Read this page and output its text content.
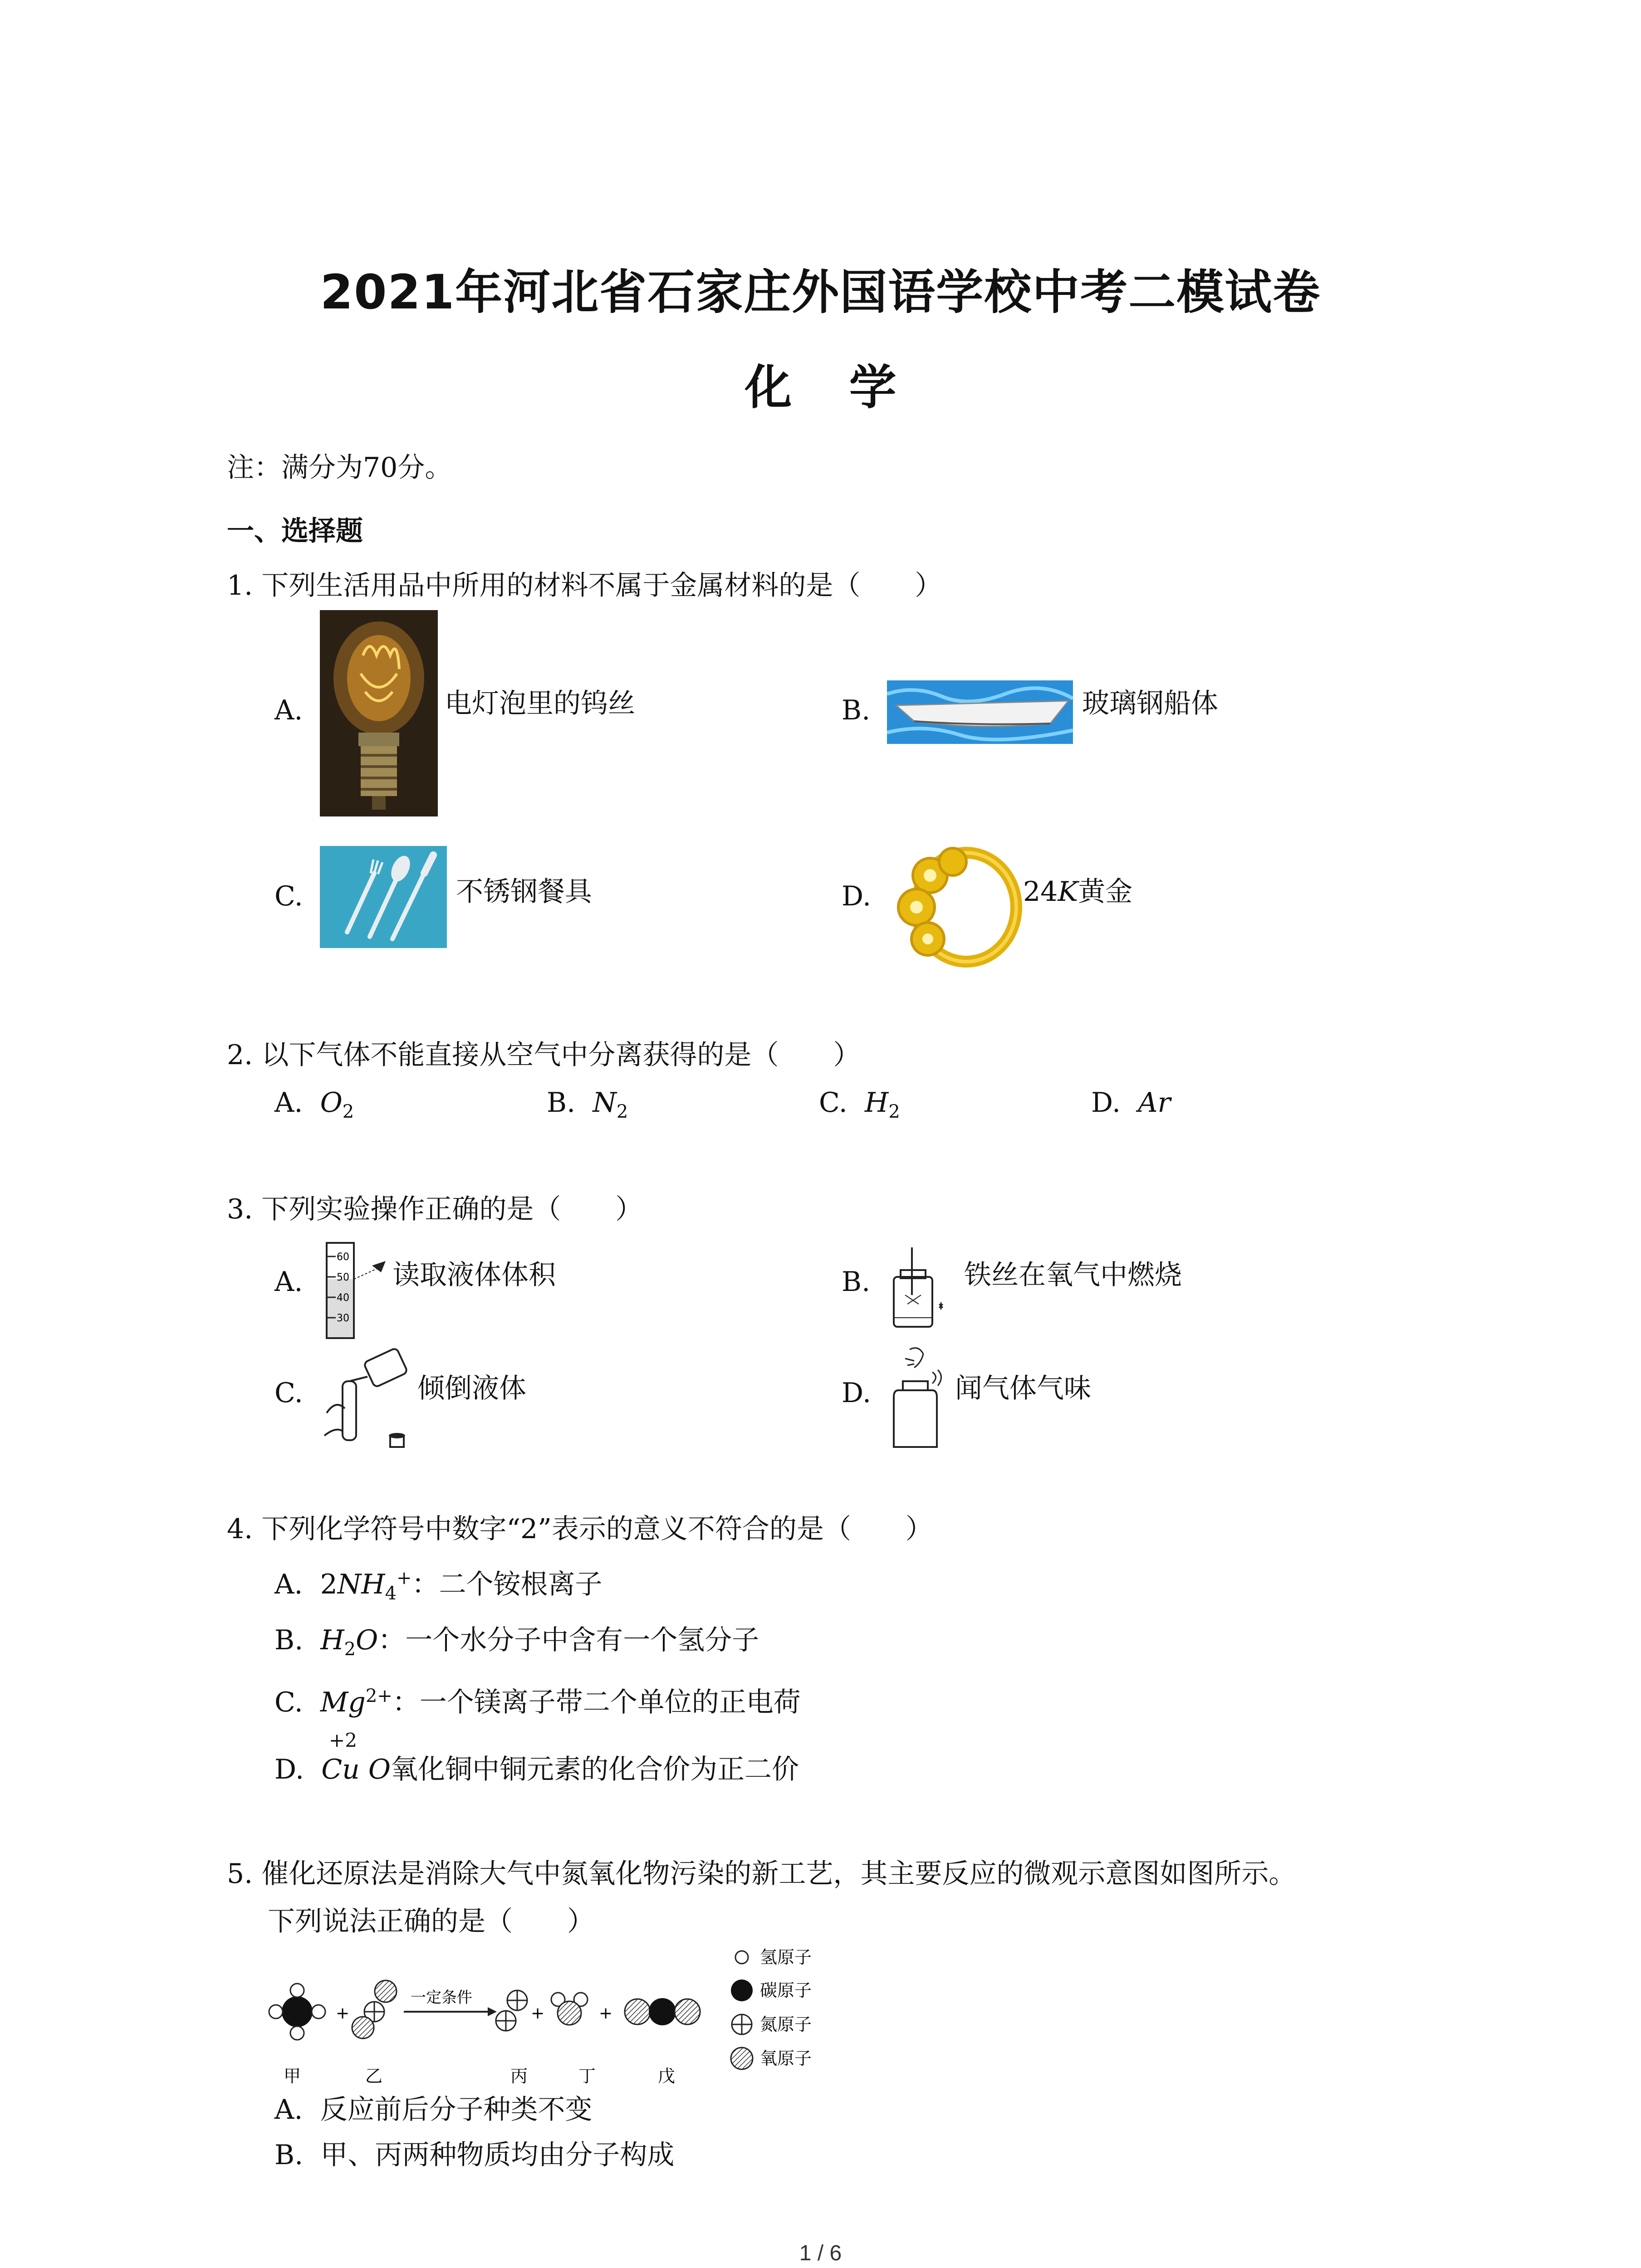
2021年河北省石家庄外国语学校中考二模试卷
化 学
注：满分为70分。
一、选择题
1. 下列生活用品中所用的材料不属于金属材料的是（　　）
A.	电灯泡里的钨丝	B.	玻璃钢船体
C.	不锈钢餐具	D.	24K黄金
2. 以下气体不能直接从空气中分离获得的是（　　）
A. $O_2$	B. $N_2$	C. $H_2$	D. Ar
3. 下列实验操作正确的是（　　）
A.
60
50
40
30
读取液体体积	B.	铁丝在氧气中燃烧
C.	倾倒液体	D.	闻气体气味
4. 下列化学符号中数字“2”表示的意义不符合的是（　　）
A. $2NH_4^+$：二个铵根离子
B. $H_2O$：一个水分子中含有一个氢分子
C. $Mg^{2+}$：一个镁离子带二个单位的正电荷
+2
D. Cu O氧化铜中铜元素的化合价为正二价
5. 催化还原法是消除大气中氮氧化物污染的新工艺，其主要反应的微观示意图如图所示。
下列说法正确的是（　　）
+
一定条件
+	+
甲	乙	丙	丁	戊
氢原子
碳原子
氮原子
氧原子
A. 反应前后分子种类不变
B. 甲、丙两种物质均由分子构成
1 / 6
